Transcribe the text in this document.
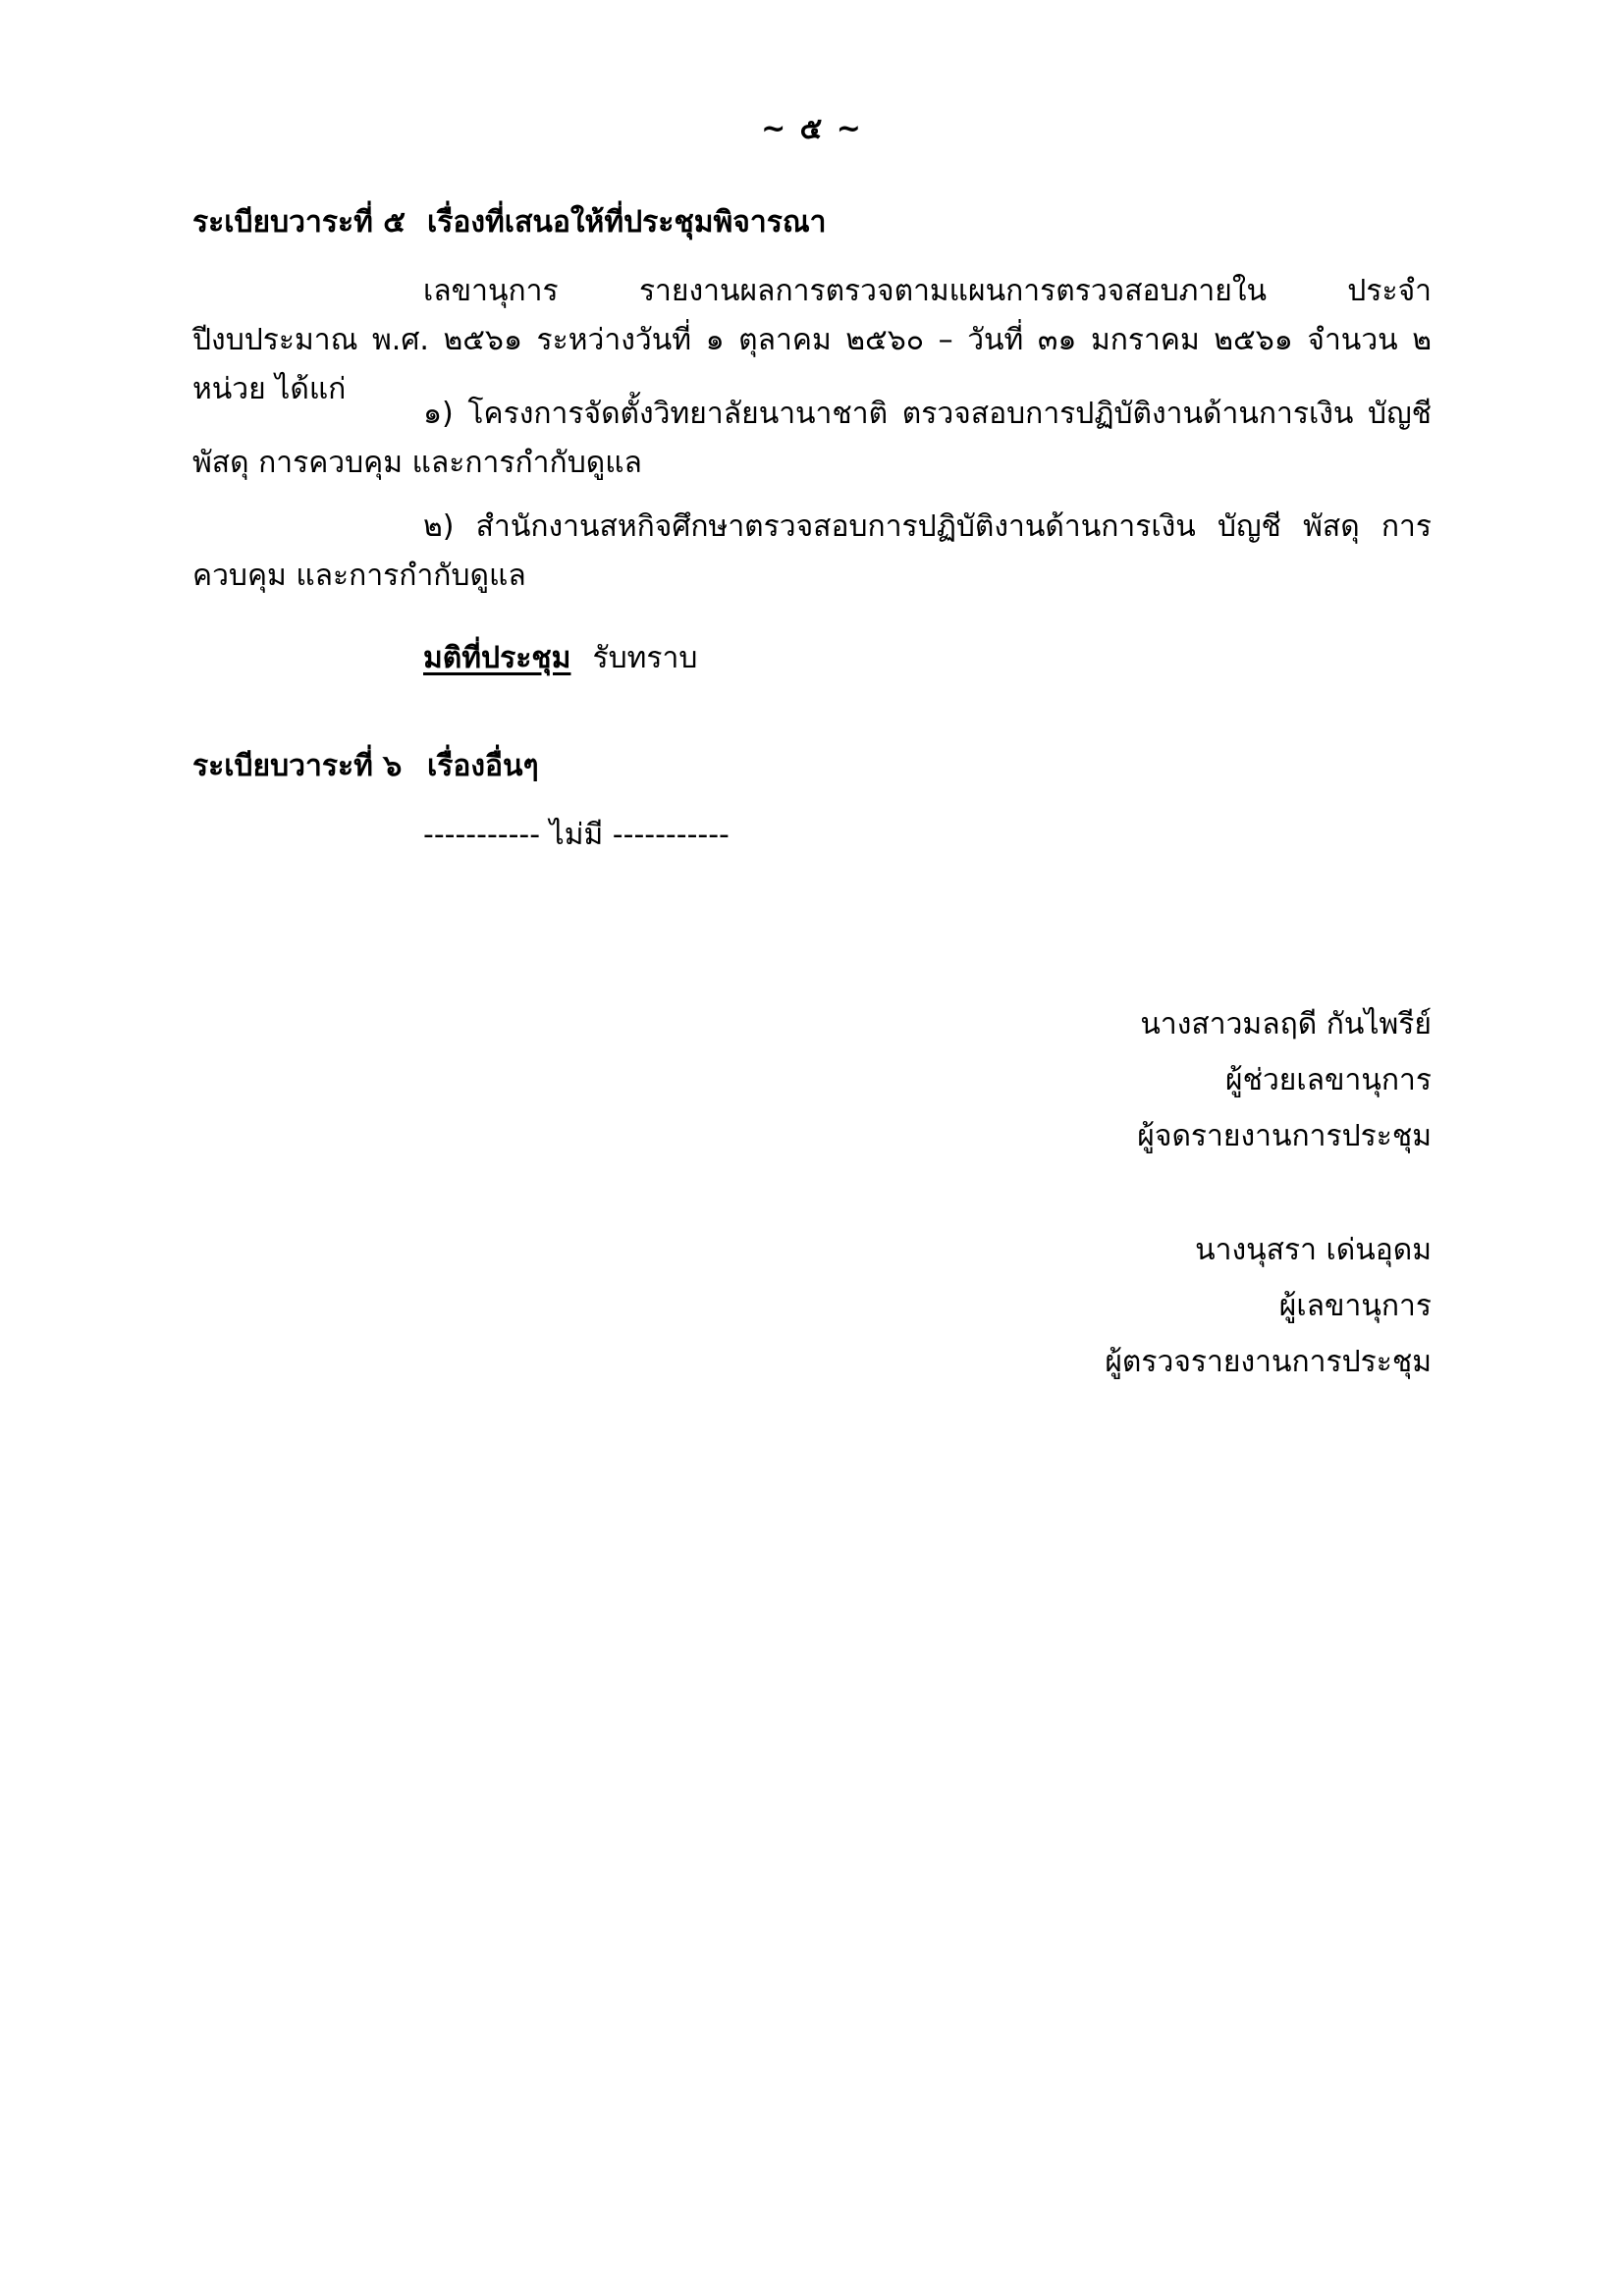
~ ๕ ~
ระเบียบวาระที่ ๕ เรื่องที่เสนอให้ที่ประชุมพิจารณา
เลขานุการ รายงานผลการตรวจตามแผนการตรวจสอบภายใน ประจำปีงบประมาณ พ.ศ. ๒๕๖๑ ระหว่างวันที่ ๑ ตุลาคม ๒๕๖๐ – วันที่ ๓๑ มกราคม ๒๕๖๑ จำนวน ๒ หน่วย ได้แก่
๑) โครงการจัดตั้งวิทยาลัยนานาชาติ ตรวจสอบการปฏิบัติงานด้านการเงิน บัญชี พัสดุ การควบคุม และการกำกับดูแล
๒) สำนักงานสหกิจศึกษาตรวจสอบการปฏิบัติงานด้านการเงิน บัญชี พัสดุ การควบคุม และการกำกับดูแล
มติที่ประชุม รับทราบ
ระเบียบวาระที่ ๖ เรื่องอื่นๆ
----------- ไม่มี -----------
นางสาวมลฤดี กันไพรีย์
ผู้ช่วยเลขานุการ
ผู้จดรายงานการประชุม
นางนุสรา เด่นอุดม
ผู้เลขานุการ
ผู้ตรวจรายงานการประชุม
